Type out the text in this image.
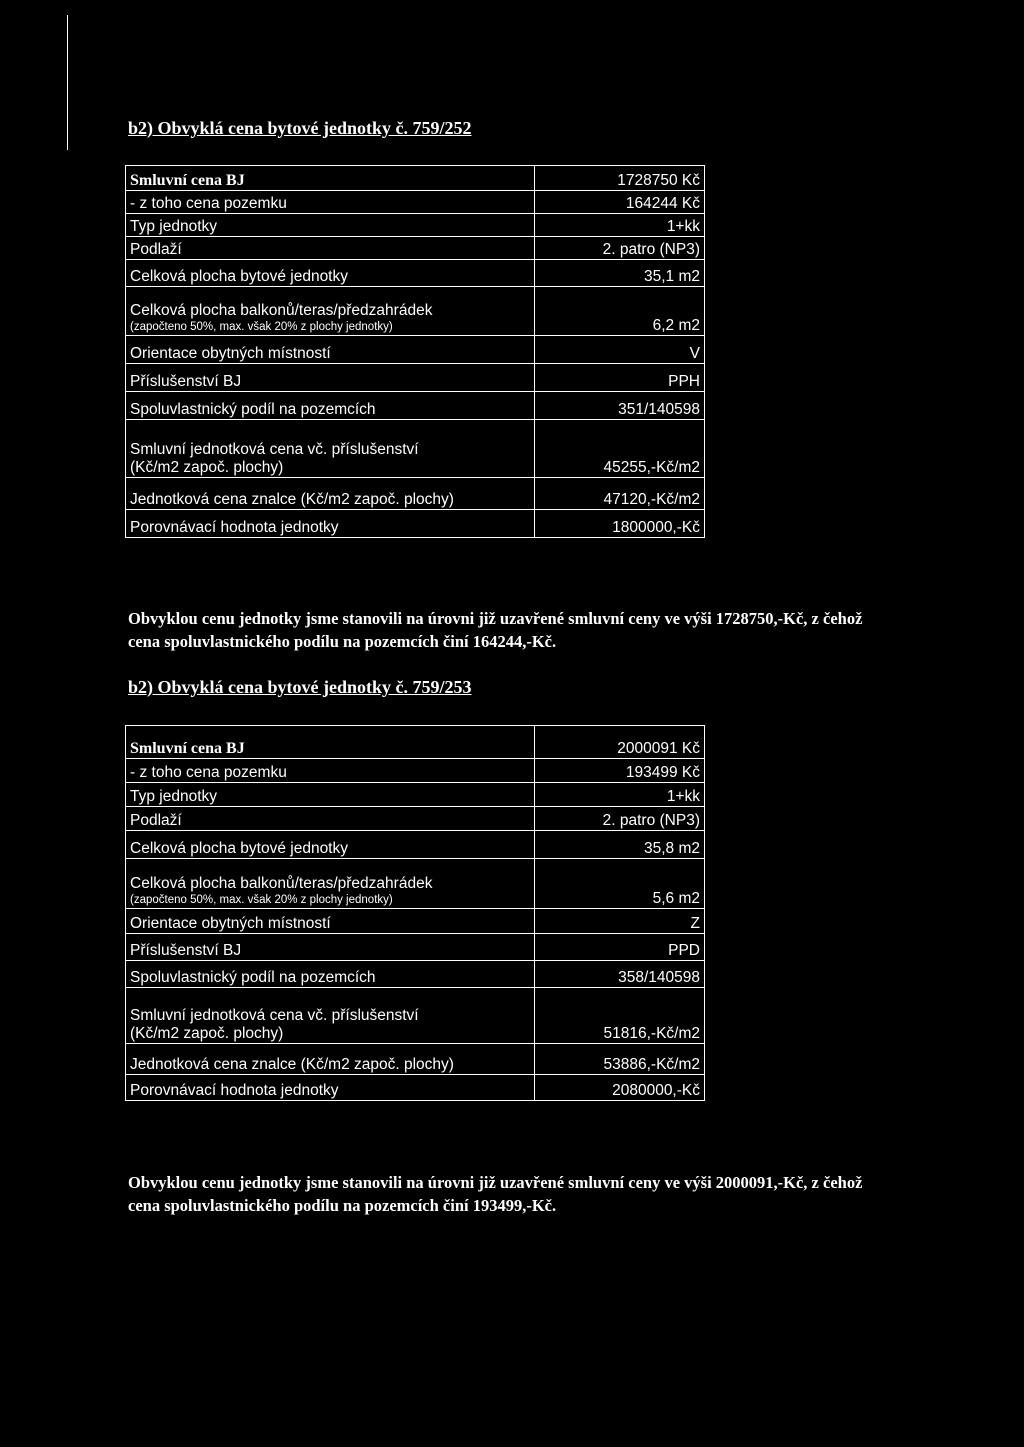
b2) Obvyklá cena bytové jednotky č. 759/252
Smluvní cena BJ	1728750 Kč
- z toho cena pozemku	164244 Kč
Typ jednotky	1+kk
Podlaží	2. patro (NP3)
Celková plocha bytové jednotky	35,1 m2

Celková plocha balkonů/teras/předzahrádek
(započteno 50%, max. však 20% z plochy jednotky)	6,2 m2
Orientace obytných místností	V
Příslušenství BJ	PPH
Spoluvlastnický podíl na pozemcích	351/140598

Smluvní jednotková cena vč. příslušenství
(Kč/m2 započ. plochy)	45255,-Kč/m2
Jednotková cena znalce (Kč/m2 započ. plochy)	47120,-Kč/m2
Porovnávací hodnota jednotky	1800000,-Kč
Obvyklou cenu jednotky jsme stanovili na úrovni již uzavřené smluvní ceny ve výši 1728750,-Kč, z čehož cena spoluvlastnického podílu na pozemcích činí 164244,-Kč.
b2) Obvyklá cena bytové jednotky č. 759/253
Smluvní cena BJ	2000091 Kč
- z toho cena pozemku	193499 Kč
Typ jednotky	1+kk
Podlaží	2. patro (NP3)
Celková plocha bytové jednotky	35,8 m2

Celková plocha balkonů/teras/předzahrádek
(započteno 50%, max. však 20% z plochy jednotky)	5,6 m2
Orientace obytných místností	Z
Příslušenství BJ	PPD
Spoluvlastnický podíl na pozemcích	358/140598

Smluvní jednotková cena vč. příslušenství
(Kč/m2 započ. plochy)	51816,-Kč/m2
Jednotková cena znalce (Kč/m2 započ. plochy)	53886,-Kč/m2
Porovnávací hodnota jednotky	2080000,-Kč
Obvyklou cenu jednotky jsme stanovili na úrovni již uzavřené smluvní ceny ve výši 2000091,-Kč, z čehož cena spoluvlastnického podílu na pozemcích činí 193499,-Kč.
